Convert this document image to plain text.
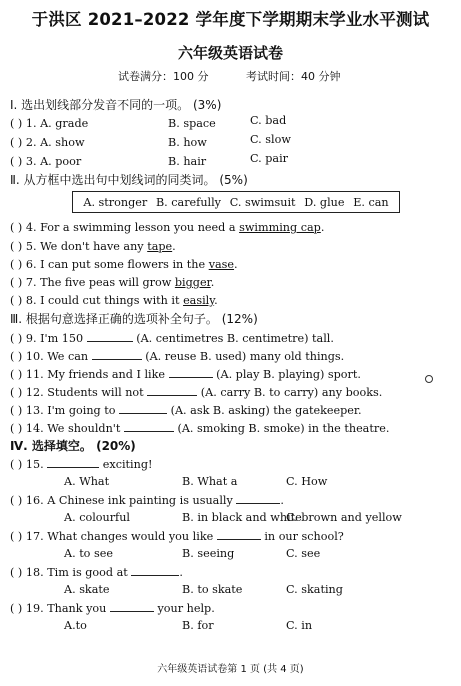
于洪区 2021–2022 学年度下学期期末学业水平测试
六年级英语试卷
试卷满分：100 分	考试时间：40 分钟
Ⅰ. 选出划线部分发音不同的一项。 (3%)
( ) 1. A. grade	B. space	C. bad
( ) 2. A. show	B. how	C. slow
( ) 3. A. poor	B. hair	C. pair
Ⅱ. 从方框中选出句中划线词的同类词。 (5%)
A. stronger B. carefully C. swimsuit D. glue E. can
( ) 4. For a swimming lesson you need a swimming cap.
( ) 5. We don't have any tape.
( ) 6. I can put some flowers in the vase.
( ) 7. The five peas will grow bigger.
( ) 8. I could cut things with it easily.
Ⅲ. 根据句意选择正确的选项补全句子。 (12%)
( ) 9. I'm 150	(A. centimetres B. centimetre) tall.
( ) 10. We can	(A. reuse B. used) many old things.
( ) 11. My friends and I like	(A. play B. playing) sport.
( ) 12. Students will not	(A. carry B. to carry) any books.
( ) 13. I'm going to	(A. ask B. asking) the gatekeeper.
( ) 14. We shouldn't	(A. smoking B. smoke) in the theatre.
Ⅳ. 选择填空。 (20%)
( ) 15.	exciting!
A. What	B. What a	C. How
( ) 16. A Chinese ink painting is usually	.
A. colourful	B. in black and white
C. brown and yellow
( ) 17. What changes would you like	in our school?
A. to see	B. seeing	C. see
( ) 18. Tim is good at	.
A. skate	B. to skate	C. skating
( ) 19. Thank you	your help.
A.to	B. for	C. in
六年级英语试卷第 1 页 (共 4 页)
